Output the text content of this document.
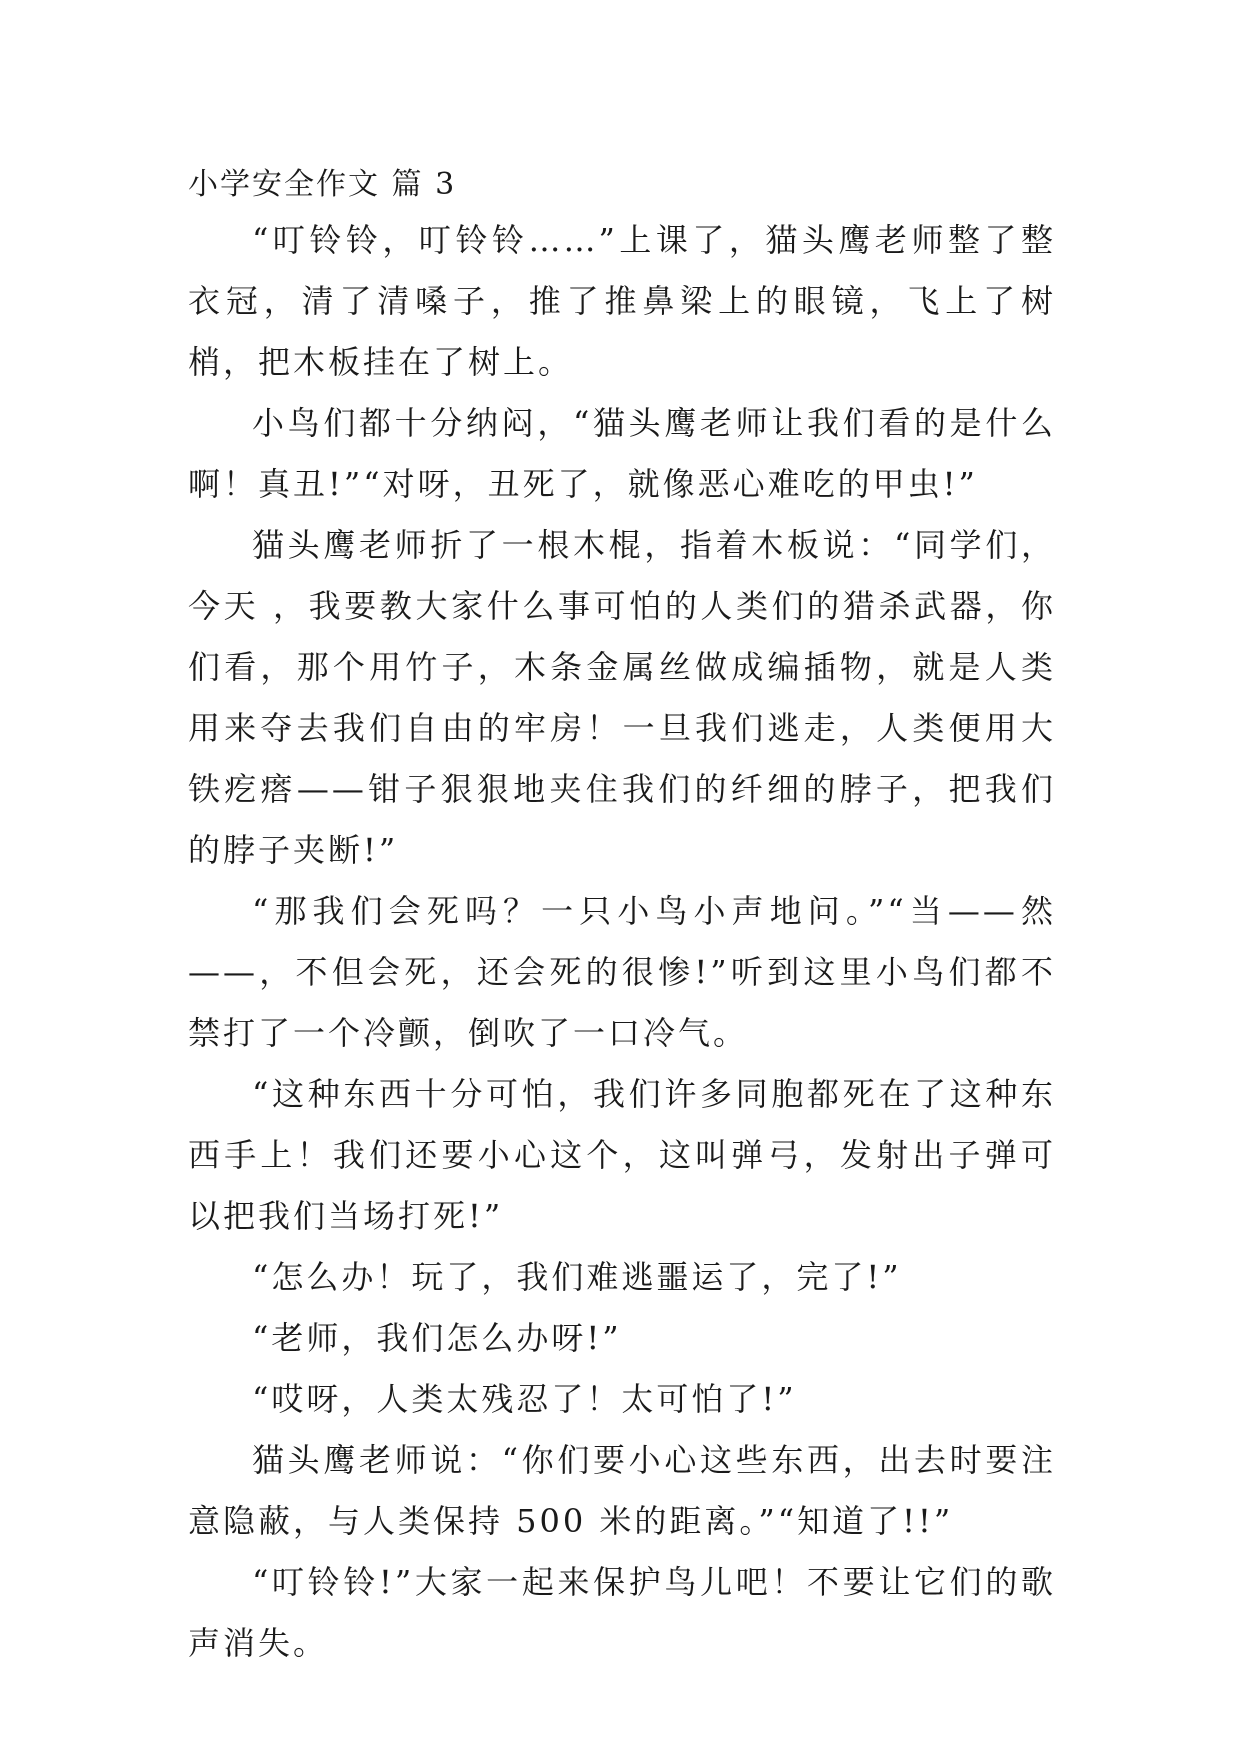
小学安全作文 篇 3

“叮铃铃，叮铃铃……”上课了，猫头鹰老师整了整衣冠，清了清嗓子，推了推鼻梁上的眼镜，飞上了树梢，把木板挂在了树上。

小鸟们都十分纳闷，“猫头鹰老师让我们看的是什么啊！真丑!”“对呀，丑死了，就像恶心难吃的甲虫!”

猫头鹰老师折了一根木棍，指着木板说：“同学们，今天 ，我要教大家什么事可怕的人类们的猎杀武器，你们看，那个用竹子，木条金属丝做成编插物，就是人类用来夺去我们自由的牢房！一旦我们逃走，人类便用大铁疙瘩——钳子狠狠地夹住我们的纤细的脖子，把我们的脖子夹断!”

“那我们会死吗？一只小鸟小声地问。”“当——然——，不但会死，还会死的很惨!”听到这里小鸟们都不禁打了一个冷颤，倒吹了一口冷气。

“这种东西十分可怕，我们许多同胞都死在了这种东西手上！我们还要小心这个，这叫弹弓，发射出子弹可以把我们当场打死!”

“怎么办！玩了，我们难逃噩运了，完了!”

“老师，我们怎么办呀!”

“哎呀，人类太残忍了！太可怕了!”

猫头鹰老师说：“你们要小心这些东西，出去时要注意隐蔽，与人类保持 500 米的距离。”“知道了!!”

“叮铃铃!”大家一起来保护鸟儿吧！不要让它们的歌声消失。
